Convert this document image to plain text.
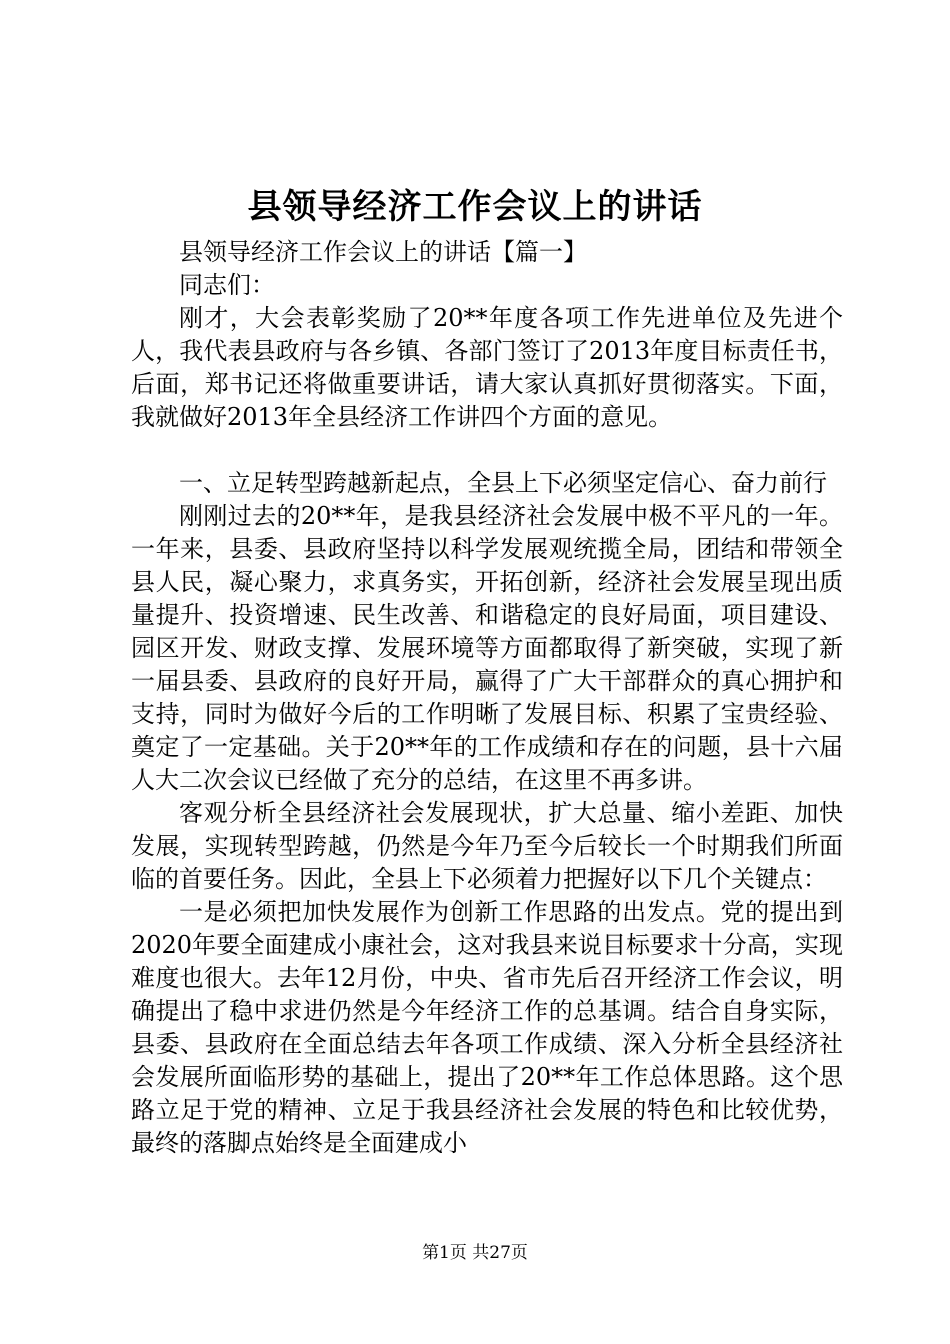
县领导经济工作会议上的讲话

县领导经济工作会议上的讲话【篇一】

同志们：

刚才，大会表彰奖励了20**年度各项工作先进单位及先进个人，我代表县政府与各乡镇、各部门签订了2013年度目标责任书，后面，郑书记还将做重要讲话，请大家认真抓好贯彻落实。下面，我就做好2013年全县经济工作讲四个方面的意见。

一、立足转型跨越新起点，全县上下必须坚定信心、奋力前行

刚刚过去的20**年，是我县经济社会发展中极不平凡的一年。一年来，县委、县政府坚持以科学发展观统揽全局，团结和带领全县人民，凝心聚力，求真务实，开拓创新，经济社会发展呈现出质量提升、投资增速、民生改善、和谐稳定的良好局面，项目建设、园区开发、财政支撑、发展环境等方面都取得了新突破，实现了新一届县委、县政府的良好开局，赢得了广大干部群众的真心拥护和支持，同时为做好今后的工作明晰了发展目标、积累了宝贵经验、奠定了一定基础。关于20**年的工作成绩和存在的问题，县十六届人大二次会议已经做了充分的总结，在这里不再多讲。

客观分析全县经济社会发展现状，扩大总量、缩小差距、加快发展，实现转型跨越，仍然是今年乃至今后较长一个时期我们所面临的首要任务。因此，全县上下必须着力把握好以下几个关键点：

一是必须把加快发展作为创新工作思路的出发点。党的提出到2020年要全面建成小康社会，这对我县来说目标要求十分高，实现难度也很大。去年12月份，中央、省市先后召开经济工作会议，明确提出了稳中求进仍然是今年经济工作的总基调。结合自身实际，县委、县政府在全面总结去年各项工作成绩、深入分析全县经济社会发展所面临形势的基础上，提出了20**年工作总体思路。这个思路立足于党的精神、立足于我县经济社会发展的特色和比较优势，最终的落脚点始终是全面建成小

第1页 共27页
